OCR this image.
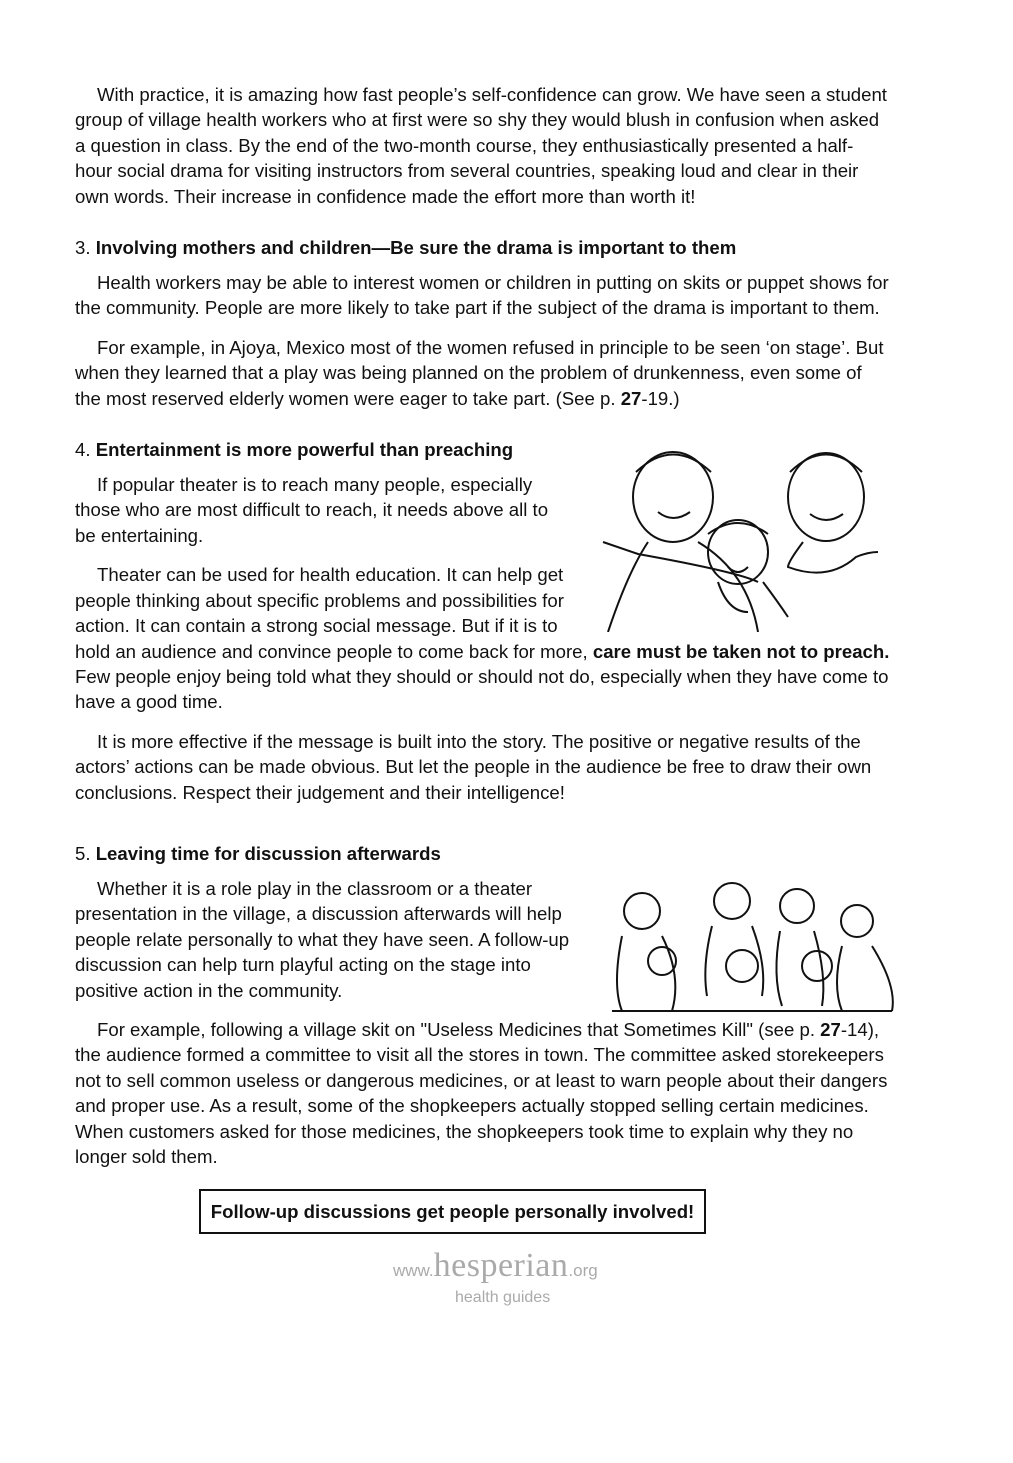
With practice, it is amazing how fast people’s self-confidence can grow. We have seen a student group of village health workers who at first were so shy they would blush in confusion when asked a question in class. By the end of the two-month course, they enthusiastically presented a half-hour social drama for visiting instructors from several countries, speaking loud and clear in their own words. Their increase in confidence made the effort more than worth it!

3. Involving mothers and children—Be sure the drama is important to them

Health workers may be able to interest women or children in putting on skits or puppet shows for the community. People are more likely to take part if the subject of the drama is important to them.

For example, in Ajoya, Mexico most of the women refused in principle to be seen ‘on stage’. But when they learned that a play was being planned on the problem of drunkenness, even some of the most reserved elderly women were eager to take part. (See p. 27-19.)

4. Entertainment is more powerful than preaching

If popular theater is to reach many people, especially those who are most difficult to reach, it needs above all to be entertaining.

Theater can be used for health education. It can help get people thinking about specific problems and possibilities for action. It can contain a strong social message. But if it is to hold an audience and convince people to come back for more, care must be taken not to preach. Few people enjoy being told what they should or should not do, especially when they have come to have a good time.

It is more effective if the message is built into the story. The positive or negative results of the actors’ actions can be made obvious. But let the people in the audience be free to draw their own conclusions. Respect their judgement and their intelligence!

5. Leaving time for discussion afterwards

Whether it is a role play in the classroom or a theater presentation in the village, a discussion afterwards will help people relate personally to what they have seen. A follow-up discussion can help turn playful acting on the stage into positive action in the community.

For example, following a village skit on "Useless Medicines that Sometimes Kill" (see p. 27-14), the audience formed a committee to visit all the stores in town. The committee asked storekeepers not to sell common useless or dangerous medicines, or at least to warn people about their dangers and proper use. As a result, some of the shopkeepers actually stopped selling certain medicines. When customers asked for those medicines, the shopkeepers took time to explain why they no longer sold them.

Follow-up discussions get people personally involved!
www.hesperian.org
health guides
